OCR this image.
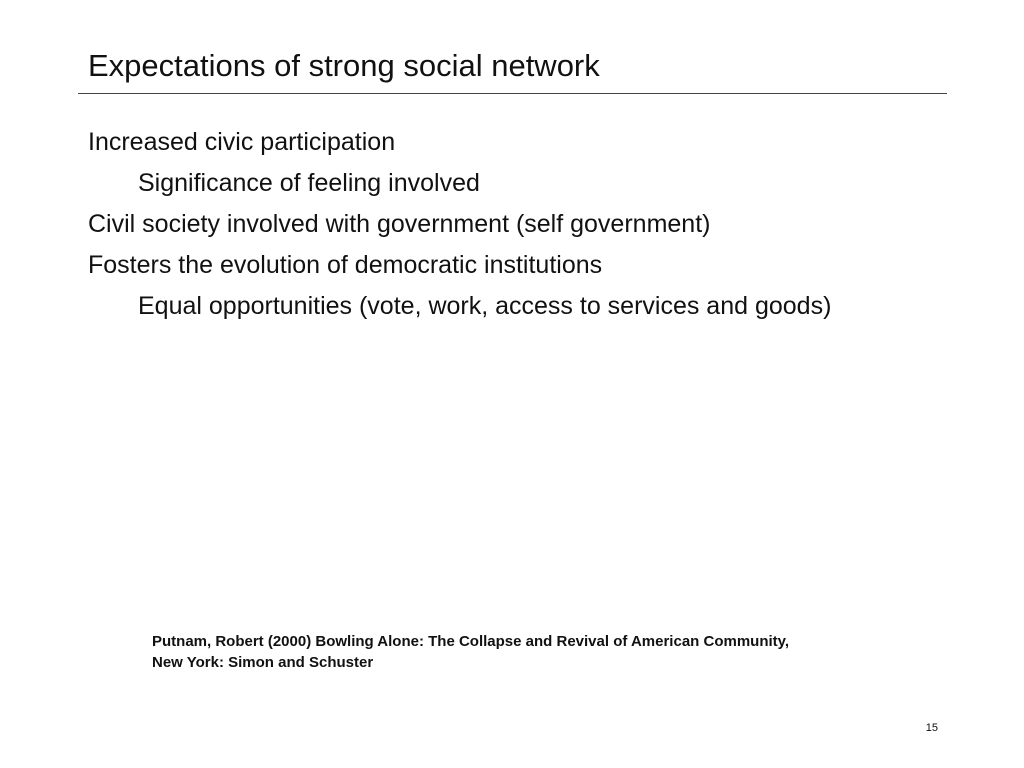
Expectations of strong social network
Increased civic participation
Significance of feeling involved
Civil society involved with government (self government)
Fosters the evolution of democratic institutions
Equal opportunities (vote, work, access to services and goods)
Putnam, Robert (2000) Bowling Alone: The Collapse and Revival of American Community,
New York: Simon and Schuster
15
